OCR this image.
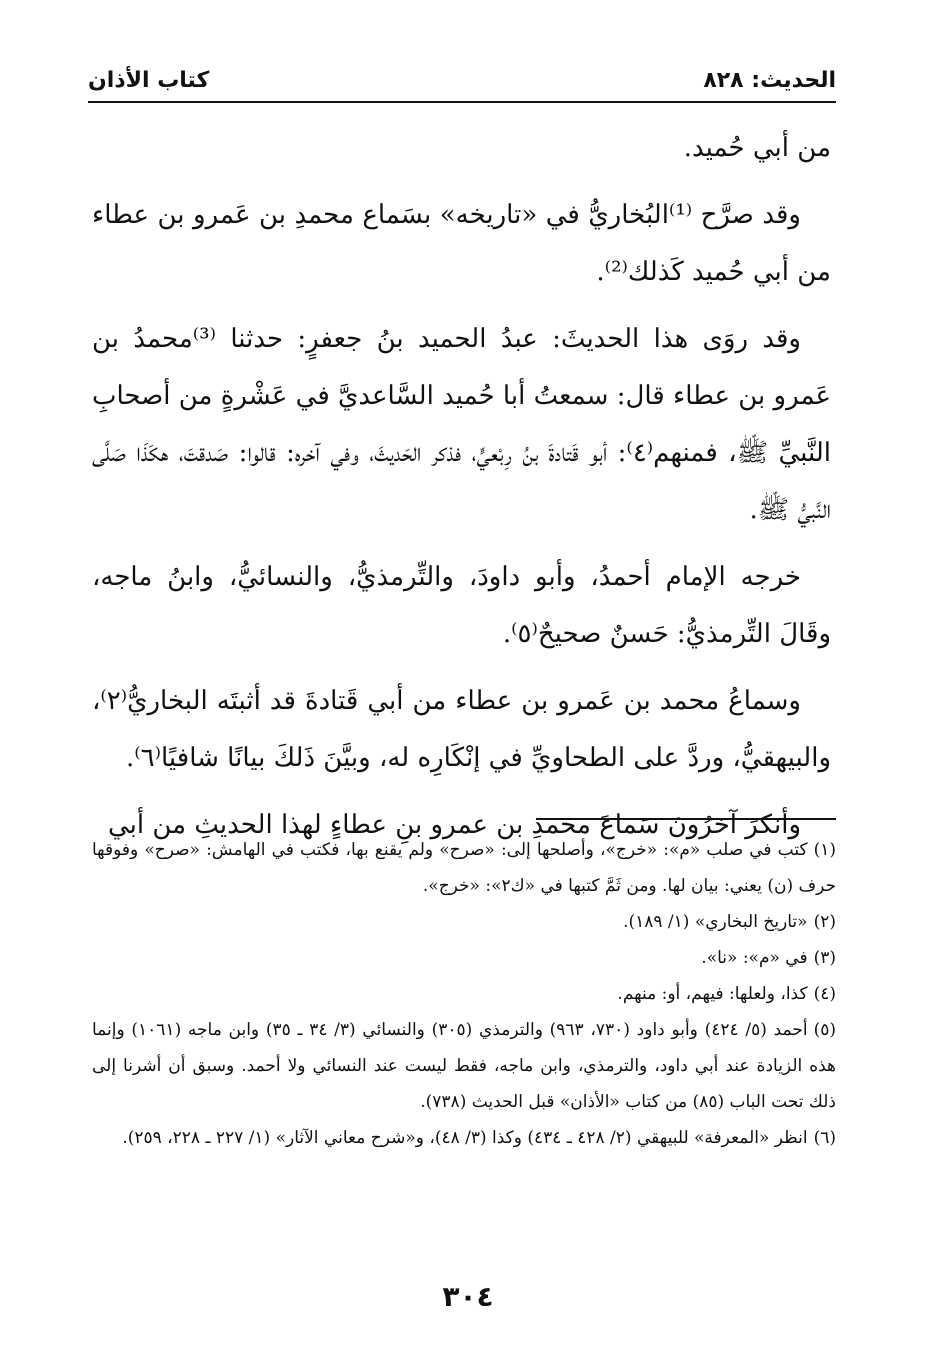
الحديث: ٨٢٨
كتاب الأذان

من أبي حُميد.

وقد صرَّح ⁽¹⁾البُخاريُّ في «تاريخه» بسَماع محمدِ بن عَمرو بن عطاء من أبي حُميد كَذلك⁽²⁾.

وقد روَى هذا الحديثَ: عبدُ الحميد بنُ جعفرٍ: حدثنا ⁽³⁾محمدُ بن عَمرو بن عطاء قال: سمعتُ أبا حُميد السَّاعديَّ في عَشْرةٍ من أصحابِ النَّبيِّ ﷺ، فمنهم⁽٤⁾: أبو قَتادةَ بنُ رِبْعيٍّ، فذكر الحَديثَ، وفي آخره: قالوا: صَدقتَ، هكَذَا صَلَّى النَّبيُّ ﷺ.

خرجه الإمام أحمدُ، وأبو داودَ، والتِّرمذيُّ، والنسائيُّ، وابنُ ماجه، وقَالَ التِّرمذيُّ: حَسنٌ صحيحٌ⁽٥⁾.

وسماعُ محمد بن عَمرو بن عطاء من أبي قَتادةَ قد أثبتَه البخاريُّ⁽٢⁾، والبيهقيُّ، وردَّ على الطحاويِّ في إنْكَارِه له، وبيَّنَ ذَلكَ بيانًا شافيًا⁽٦⁾.

وأنكرَ آخرُونَ سَماعَ محمدِ بن عمرو بنِ عطاءٍ لهذا الحديثِ من أبي

(١)كتب في صلب «م»: «خرج»، وأصلحها إلى: «صرح» ولم يقنع بها، فكتب في الهامش: «صرح» وفوقها حرف (ن) يعني: بيان لها. ومن ثَمَّ كتبها في «ك٢»: «خرج».

(٢)«تاريخ البخاري» (١/ ١٨٩).

(٣)في «م»: «نا».

(٤)كذا، ولعلها: فيهم، أو: منهم.

(٥)أحمد (٥/ ٤٢٤) وأبو داود (٧٣٠، ٩٦٣) والترمذي (٣٠٥) والنسائي (٣/ ٣٤ ـ ٣٥) وابن ماجه (١٠٦١) وإنما هذه الزيادة عند أبي داود، والترمذي، وابن ماجه، فقط ليست عند النسائي ولا أحمد. وسبق أن أشرنا إلى ذلك تحت الباب (٨٥) من كتاب «الأذان» قبل الحديث (٧٣٨).

(٦)انظر «المعرفة» للبيهقي (٢/ ٤٢٨ ـ ٤٣٤) وكذا (٣/ ٤٨)، و«شرح معاني الآثار» (١/ ٢٢٧ ـ ٢٢٨، ٢٥٩).

٣٠٤
